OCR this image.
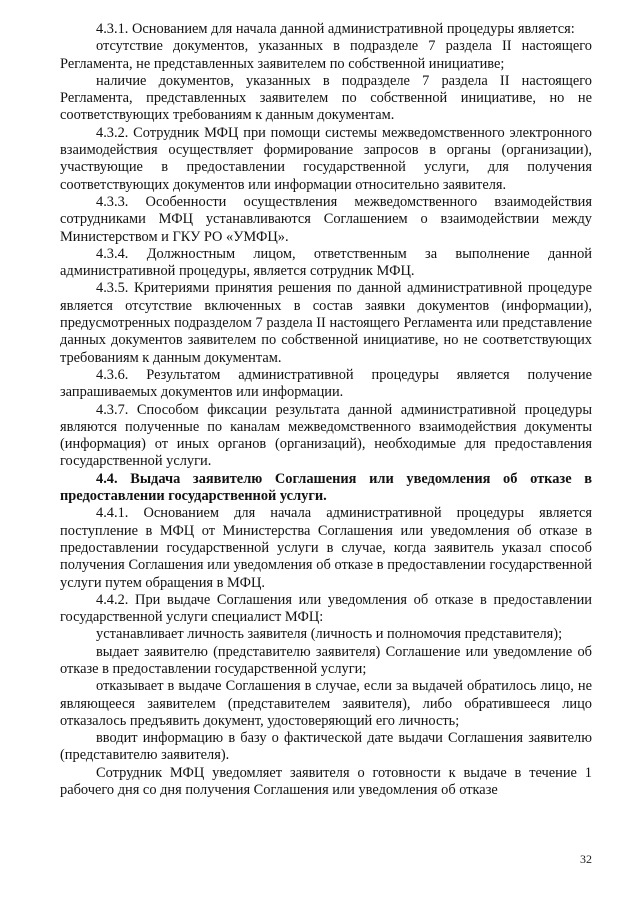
4.3.1. Основанием для начала данной административной процедуры является:

отсутствие документов, указанных в подразделе 7 раздела II настоящего Регламента, не представленных заявителем по собственной инициативе;

наличие документов, указанных в подразделе 7 раздела II настоящего Регламента, представленных заявителем по собственной инициативе, но не соответствующих требованиям к данным документам.

4.3.2. Сотрудник МФЦ при помощи системы межведомственного электронного взаимодействия осуществляет формирование запросов в органы (организации), участвующие в предоставлении государственной услуги, для получения соответствующих документов или информации относительно заявителя.

4.3.3. Особенности осуществления межведомственного взаимодействия сотрудниками МФЦ устанавливаются Соглашением о взаимодействии между Министерством и ГКУ РО «УМФЦ».

4.3.4. Должностным лицом, ответственным за выполнение данной административной процедуры, является сотрудник МФЦ.

4.3.5. Критериями принятия решения по данной административной процедуре является отсутствие включенных в состав заявки документов (информации), предусмотренных подразделом 7 раздела II настоящего Регламента или представление данных документов заявителем по собственной инициативе, но не соответствующих требованиям к данным документам.

4.3.6. Результатом административной процедуры является получение запрашиваемых документов или информации.

4.3.7. Способом фиксации результата данной административной процедуры являются полученные по каналам межведомственного взаимодействия документы (информация) от иных органов (организаций), необходимые для предоставления государственной услуги.

4.4. Выдача заявителю Соглашения или уведомления об отказе в предоставлении государственной услуги.

4.4.1. Основанием для начала административной процедуры является поступление в МФЦ от Министерства Соглашения или уведомления об отказе в предоставлении государственной услуги в случае, когда заявитель указал способ получения Соглашения или уведомления об отказе в предоставлении государственной услуги путем обращения в МФЦ.

4.4.2. При выдаче Соглашения или уведомления об отказе в предоставлении государственной услуги специалист МФЦ:

устанавливает личность заявителя (личность и полномочия представителя);

выдает заявителю (представителю заявителя) Соглашение или уведомление об отказе в предоставлении государственной услуги;

отказывает в выдаче Соглашения в случае, если за выдачей обратилось лицо, не являющееся заявителем (представителем заявителя), либо обратившееся лицо отказалось предъявить документ, удостоверяющий его личность;

вводит информацию в базу о фактической дате выдачи Соглашения заявителю (представителю заявителя).

Сотрудник МФЦ уведомляет заявителя о готовности к выдаче в течение 1 рабочего дня со дня получения Соглашения или уведомления об отказе

32
